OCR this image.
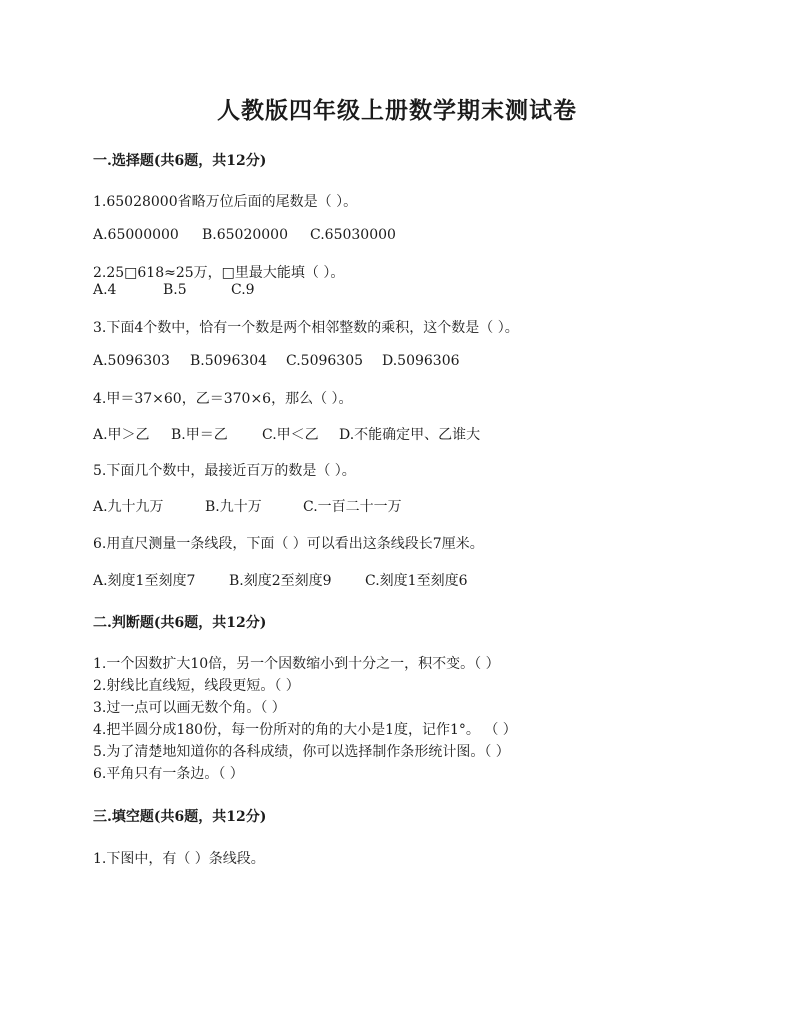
人教版四年级上册数学期末测试卷
一.选择题(共6题，共12分)
1.65028000省略万位后面的尾数是（ ）。
A.65000000 B.65020000 C.65030000
2.25□618≈25万，□里最大能填（ ）。
A.4	B.5	C.9
3.下面4个数中，恰有一个数是两个相邻整数的乘积，这个数是（ ）。
A.5096303 B.5096304 C.5096305 D.5096306
4.甲＝37×60，乙＝370×6，那么（ ）。
A.甲＞乙 B.甲＝乙 C.甲＜乙 D.不能确定甲、乙谁大
5.下面几个数中，最接近百万的数是（ ）。
A.九十九万	B.九十万	C.一百二十一万
6.用直尺测量一条线段，下面（ ）可以看出这条线段长7厘米。
A.刻度1至刻度7 B.刻度2至刻度9 C.刻度1至刻度6
二.判断题(共6题，共12分)
1.一个因数扩大10倍，另一个因数缩小到十分之一，积不变。（ ）
2.射线比直线短，线段更短。（ ）
3.过一点可以画无数个角。（ ）
4.把半圆分成180份，每一份所对的角的大小是1度，记作1°。 （ ）
5.为了清楚地知道你的各科成绩，你可以选择制作条形统计图。（ ）
6.平角只有一条边。（ ）
三.填空题(共6题，共12分)
1.下图中，有（ ）条线段。
